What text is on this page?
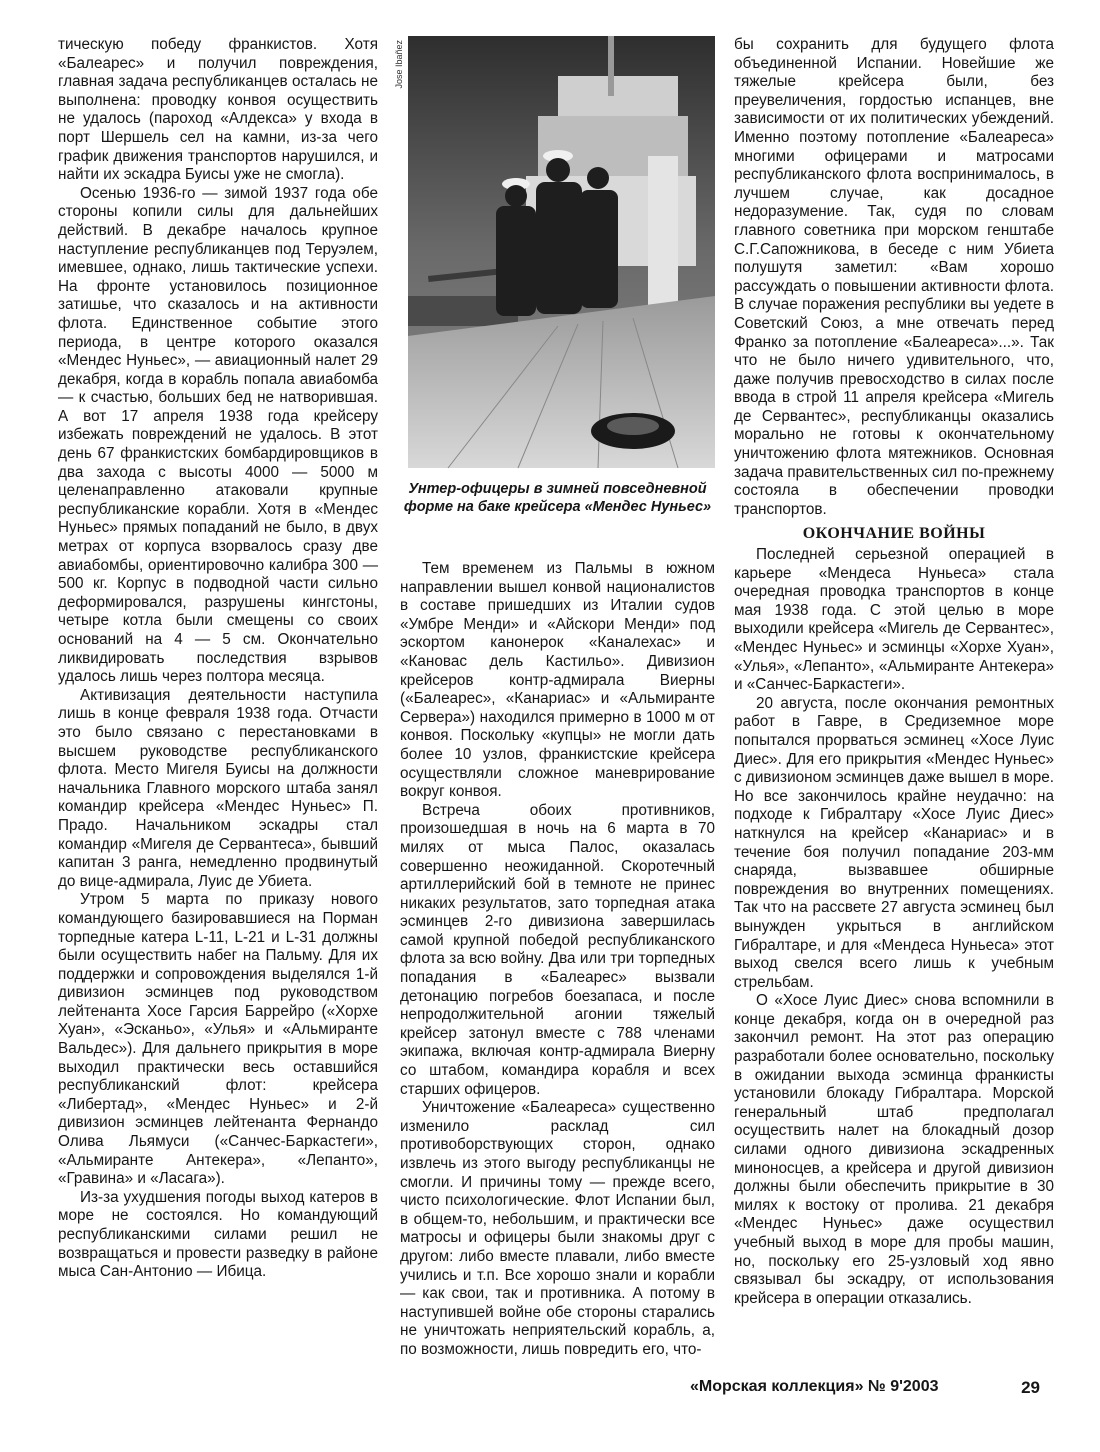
тическую победу франкистов. Хотя «Балеарес» и получил повреждения, главная задача республиканцев осталась не выполнена: проводку конвоя осуществить не удалось (пароход «Алдекса» у входа в порт Шершель сел на камни, из-за чего график движения транспортов нарушился, и найти их эскадра Буисы уже не смогла).

Осенью 1936-го — зимой 1937 года обе стороны копили силы для дальнейших действий. В декабре началось крупное наступление республиканцев под Теруэлем, имевшее, однако, лишь тактические успехи. На фронте установилось позиционное затишье, что сказалось и на активности флота. Единственное событие этого периода, в центре которого оказался «Мендес Нуньес», — авиационный налет 29 декабря, когда в корабль попала авиабомба — к счастью, больших бед не натворившая. А вот 17 апреля 1938 года крейсеру избежать повреждений не удалось. В этот день 67 франкистских бомбардировщиков в два захода с высоты 4000 — 5000 м целенаправленно атаковали крупные республиканские корабли. Хотя в «Мендес Нуньес» прямых попаданий не было, в двух метрах от корпуса взорвалось сразу две авиабомбы, ориентировочно калибра 300 — 500 кг. Корпус в подводной части сильно деформировался, разрушены кингстоны, четыре котла были смещены со своих оснований на 4 — 5 см. Окончательно ликвидировать последствия взрывов удалось лишь через полтора месяца.

Активизация деятельности наступила лишь в конце февраля 1938 года. Отчасти это было связано с перестановками в высшем руководстве республиканского флота. Место Мигеля Буисы на должности начальника Главного морского штаба занял командир крейсера «Мендес Нуньес» П. Прадо. Начальником эскадры стал командир «Мигеля де Сервантеса», бывший капитан 3 ранга, немедленно продвинутый до вице-адмирала, Луис де Убиета.

Утром 5 марта по приказу нового командующего базировавшиеся на Порман торпедные катера L-11, L-21 и L-31 должны были осуществить набег на Пальму. Для их поддержки и сопровождения выделялся 1-й дивизион эсминцев под руководством лейтенанта Хосе Гарсия Баррейро («Хорхе Хуан», «Эсканьо», «Улья» и «Альмиранте Вальдес»). Для дальнего прикрытия в море выходил практически весь оставшийся республиканский флот: крейсера «Либертад», «Мендес Нуньес» и 2-й дивизион эсминцев лейтенанта Фернандо Олива Льямуси («Санчес-Баркастеги», «Альмиранте Антекера», «Лепанто», «Гравина» и «Ласага»).

Из-за ухудшения погоды выход катеров в море не состоялся. Но командующий республиканскими силами решил не возвращаться и провести разведку в районе мыса Сан-Антонио — Ибица.

Jose Ibañez
Унтер-офицеры в зимней повседневной форме на баке крейсера «Мендес Нуньес»

Тем временем из Пальмы в южном направлении вышел конвой националистов в составе пришедших из Италии судов «Умбре Менди» и «Айскори Менди» под эскортом канонерок «Каналехас» и «Кановас дель Кастильо». Дивизион крейсеров контр-адмирала Виерны («Балеарес», «Канариас» и «Альмиранте Сервера») находился примерно в 1000 м от конвоя. Поскольку «купцы» не могли дать более 10 узлов, франкистские крейсера осуществляли сложное маневрирование вокруг конвоя.

Встреча обоих противников, произошедшая в ночь на 6 марта в 70 милях от мыса Палос, оказалась совершенно неожиданной. Скоротечный артиллерийский бой в темноте не принес никаких результатов, зато торпедная атака эсминцев 2-го дивизиона завершилась самой крупной победой республиканского флота за всю войну. Два или три торпедных попадания в «Балеарес» вызвали детонацию погребов боезапаса, и после непродолжительной агонии тяжелый крейсер затонул вместе с 788 членами экипажа, включая контр-адмирала Виерну со штабом, командира корабля и всех старших офицеров.

Уничтожение «Балеареса» существенно изменило расклад сил противоборствующих сторон, однако извлечь из этого выгоду республиканцы не смогли. И причины тому — прежде всего, чисто психологические. Флот Испании был, в общем-то, небольшим, и практически все матросы и офицеры были знакомы друг с другом: либо вместе плавали, либо вместе учились и т.п. Все хорошо знали и корабли — как свои, так и противника. А потому в наступившей войне обе стороны старались не уничтожать неприятельский корабль, а, по возможности, лишь повредить его, что-

бы сохранить для будущего флота объединенной Испании. Новейшие же тяжелые крейсера были, без преувеличения, гордостью испанцев, вне зависимости от их политических убеждений. Именно поэтому потопление «Балеареса» многими офицерами и матросами республиканского флота воспринималось, в лучшем случае, как досадное недоразумение. Так, судя по словам главного советника при морском генштабе С.Г.Сапожникова, в беседе с ним Убиета полушутя заметил: «Вам хорошо рассуждать о повышении активности флота. В случае поражения республики вы уедете в Советский Союз, а мне отвечать перед Франко за потопление «Балеареса»...». Так что не было ничего удивительного, что, даже получив превосходство в силах после ввода в строй 11 апреля крейсера «Мигель де Сервантес», республиканцы оказались морально не готовы к окончательному уничтожению флота мятежников. Основная задача правительственных сил по-прежнему состояла в обеспечении проводки транспортов.

ОКОНЧАНИЕ ВОЙНЫ

Последней серьезной операцией в карьере «Мендеса Нуньеса» стала очередная проводка транспортов в конце мая 1938 года. С этой целью в море выходили крейсера «Мигель де Сервантес», «Мендес Нуньес» и эсминцы «Хорхе Хуан», «Улья», «Лепанто», «Альмиранте Антекера» и «Санчес-Баркастеги».

20 августа, после окончания ремонтных работ в Гавре, в Средиземное море попытался прорваться эсминец «Хосе Луис Диес». Для его прикрытия «Мендес Нуньес» с дивизионом эсминцев даже вышел в море. Но все закончилось крайне неудачно: на подходе к Гибралтару «Хосе Луис Диес» наткнулся на крейсер «Канариас» и в течение боя получил попадание 203-мм снаряда, вызвавшее обширные повреждения во внутренних помещениях. Так что на рассвете 27 августа эсминец был вынужден укрыться в английском Гибралтаре, и для «Мендеса Нуньеса» этот выход свелся всего лишь к учебным стрельбам.

О «Хосе Луис Диес» снова вспомнили в конце декабря, когда он в очередной раз закончил ремонт. На этот раз операцию разработали более основательно, поскольку в ожидании выхода эсминца франкисты установили блокаду Гибралтара. Морской генеральный штаб предполагал осуществить налет на блокадный дозор силами одного дивизиона эскадренных миноносцев, а крейсера и другой дивизион должны были обеспечить прикрытие в 30 милях к востоку от пролива. 21 декабря «Мендес Нуньес» даже осуществил учебный выход в море для пробы машин, но, поскольку его 25-узловый ход явно связывал бы эскадру, от использования крейсера в операции отказались.

«Морская коллекция» № 9'2003	29
